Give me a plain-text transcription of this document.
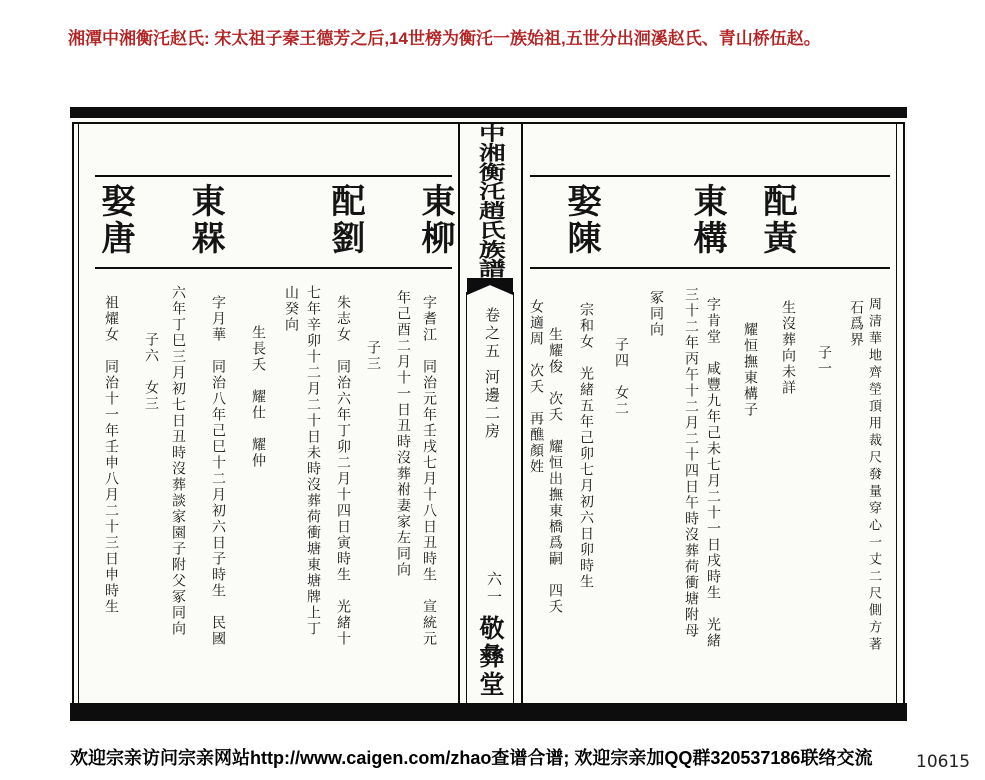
湘潭中湘衡汑赵氏: 宋太祖子秦王德芳之后,14世榜为衡汑一族始祖,五世分出洄溪赵氏、青山桥伍赵。
中湘衡汑趙氏族譜
卷之五
河邊二房
六一
敬彝堂
配黃
東構
娶陳
周清華地齊塋頂用裁尺發量穿心一丈二尺側方著
石爲界
子一
生沒葬向未詳
耀恒撫東構子
字肯堂　咸豐九年己未七月二十一日戌時生　光緒
三十二年丙午十二月二十四日午時沒葬荷衝塘附母
冢同向
子四　女二
宗和女　光緒五年己卯七月初六日卯時生
生耀俊　次夭　耀恒出撫東橋爲嗣　四夭
女適周　次夭　再醮顏姓
東柳
配劉
東槑
娶唐
字耆江　同治元年壬戌七月十八日丑時生　宣統元
年己酉二月十一日丑時沒葬祔妻家左同向
子三
朱志女　同治六年丁卯二月十四日寅時生　光緒十
七年辛卯十二月二十日未時沒葬荷衝塘東塘牌上丁
山癸向
生長夭　耀仕　耀仲
字月華　同治八年己巳十二月初六日子時生　民國
六年丁巳三月初七日丑時沒葬談家園子附父冢同向
子六　女三
祖燿女　同治十一年壬申八月二十三日申時生
欢迎宗亲访问宗亲网站http://www.caigen.com/zhao查谱合谱; 欢迎宗亲加QQ群320537186联络交流	10615
